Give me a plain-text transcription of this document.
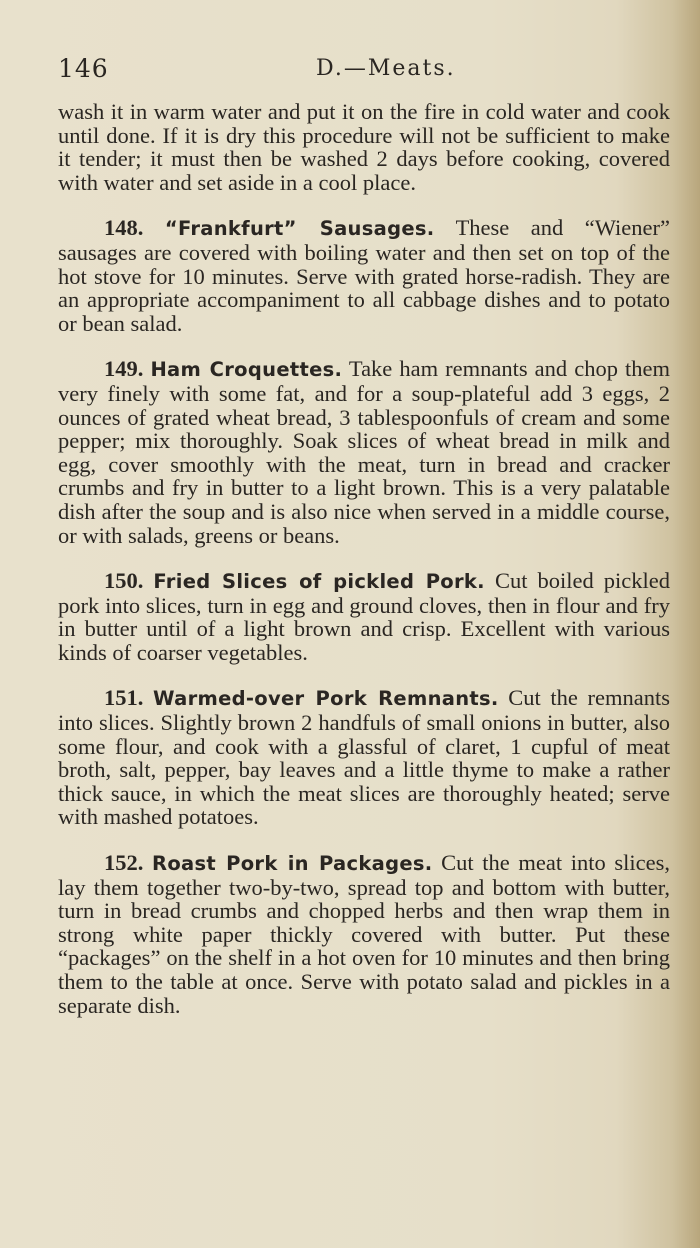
146	D.—Meats.

wash it in warm water and put it on the fire in cold water and cook until done. If it is dry this procedure will not be sufficient to make it tender; it must then be washed 2 days before cooking, covered with water and set aside in a cool place.

148. “Frankfurt” Sausages. These and “Wiener” sausages are covered with boiling water and then set on top of the hot stove for 10 minutes. Serve with grated horse-radish. They are an appropriate accompaniment to all cabbage dishes and to potato or bean salad.

149. Ham Croquettes. Take ham remnants and chop them very finely with some fat, and for a soup-plateful add 3 eggs, 2 ounces of grated wheat bread, 3 tablespoonfuls of cream and some pepper; mix thoroughly. Soak slices of wheat bread in milk and egg, cover smoothly with the meat, turn in bread and cracker crumbs and fry in butter to a light brown. This is a very palatable dish after the soup and is also nice when served in a middle course, or with salads, greens or beans.

150. Fried Slices of pickled Pork. Cut boiled pickled pork into slices, turn in egg and ground cloves, then in flour and fry in butter until of a light brown and crisp. Excellent with various kinds of coarser vegetables.

151. Warmed-over Pork Remnants. Cut the remnants into slices. Slightly brown 2 handfuls of small onions in butter, also some flour, and cook with a glassful of claret, 1 cupful of meat broth, salt, pepper, bay leaves and a little thyme to make a rather thick sauce, in which the meat slices are thoroughly heated; serve with mashed potatoes.

152. Roast Pork in Packages. Cut the meat into slices, lay them together two-by-two, spread top and bottom with butter, turn in bread crumbs and chopped herbs and then wrap them in strong white paper thickly covered with butter. Put these “packages” on the shelf in a hot oven for 10 minutes and then bring them to the table at once. Serve with potato salad and pickles in a separate dish.
